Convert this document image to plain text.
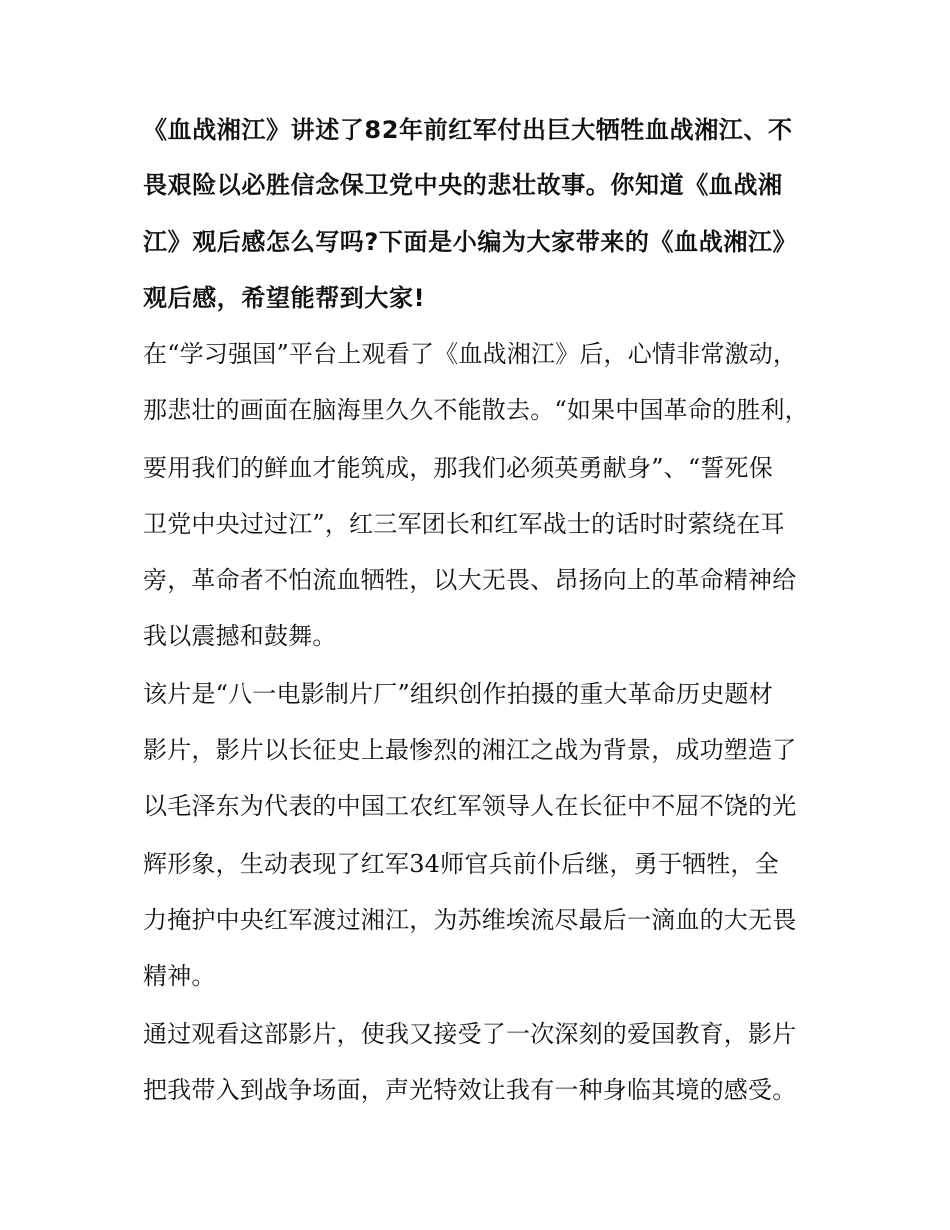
《血战湘江》讲述了82年前红军付出巨大牺牲血战湘江、不
畏艰险以必胜信念保卫党中央的悲壮故事。你知道《血战湘
江》观后感怎么写吗?下面是小编为大家带来的《血战湘江》
观后感，希望能帮到大家!
在“学习强国”平台上观看了《血战湘江》后，心情非常激动，
那悲壮的画面在脑海里久久不能散去。“如果中国革命的胜利，
要用我们的鲜血才能筑成，那我们必须英勇献身”、“誓死保
卫党中央过过江”，红三军团长和红军战士的话时时萦绕在耳
旁，革命者不怕流血牺牲，以大无畏、昂扬向上的革命精神给
我以震撼和鼓舞。
该片是“八一电影制片厂”组织创作拍摄的重大革命历史题材
影片，影片以长征史上最惨烈的湘江之战为背景，成功塑造了
以毛泽东为代表的中国工农红军领导人在长征中不屈不饶的光
辉形象，生动表现了红军34师官兵前仆后继，勇于牺牲，全
力掩护中央红军渡过湘江，为苏维埃流尽最后一滴血的大无畏
精神。
通过观看这部影片，使我又接受了一次深刻的爱国教育，影片
把我带入到战争场面，声光特效让我有一种身临其境的感受。
